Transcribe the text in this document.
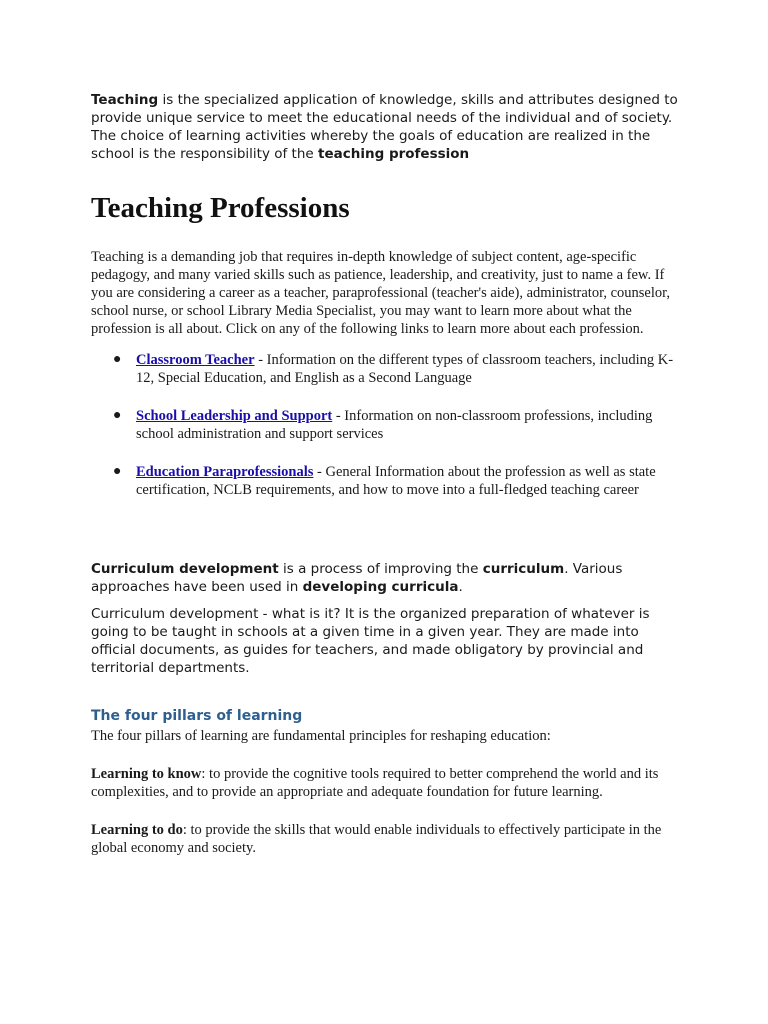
Teaching is the specialized application of knowledge, skills and attributes designed to provide unique service to meet the educational needs of the individual and of society. The choice of learning activities whereby the goals of education are realized in the school is the responsibility of the teaching profession

Teaching Professions

Teaching is a demanding job that requires in-depth knowledge of subject content, age-specific pedagogy, and many varied skills such as patience, leadership, and creativity, just to name a few. If you are considering a career as a teacher, paraprofessional (teacher's aide), administrator, counselor, school nurse, or school Library Media Specialist, you may want to learn more about what the profession is all about. Click on any of the following links to learn more about each profession.

● Classroom Teacher - Information on the different types of classroom teachers, including K-12, Special Education, and English as a Second Language
● School Leadership and Support - Information on non-classroom professions, including school administration and support services
● Education Paraprofessionals - General Information about the profession as well as state certification, NCLB requirements, and how to move into a full-fledged teaching career

Curriculum development is a process of improving the curriculum. Various approaches have been used in developing curricula.

Curriculum development - what is it? It is the organized preparation of whatever is going to be taught in schools at a given time in a given year. They are made into official documents, as guides for teachers, and made obligatory by provincial and territorial departments.

The four pillars of learning

The four pillars of learning are fundamental principles for reshaping education:

Learning to know: to provide the cognitive tools required to better comprehend the world and its complexities, and to provide an appropriate and adequate foundation for future learning.

Learning to do: to provide the skills that would enable individuals to effectively participate in the global economy and society.
